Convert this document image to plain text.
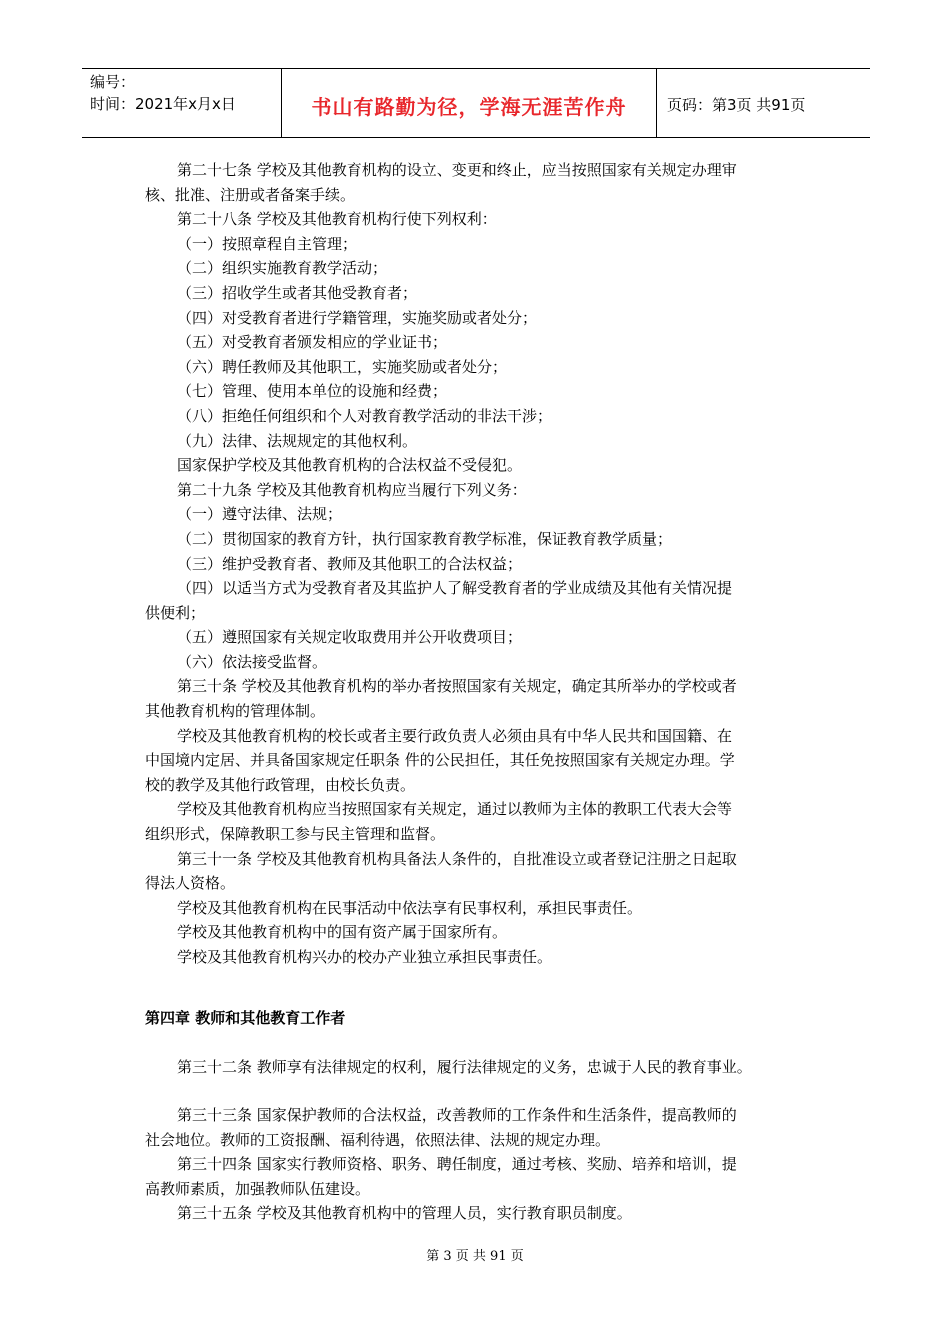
编号：
时间：2021年x月x日	书山有路勤为径，学海无涯苦作舟	页码：第3页 共91页
第二十七条 学校及其他教育机构的设立、变更和终止，应当按照国家有关规定办理审
核、批准、注册或者备案手续。
第二十八条 学校及其他教育机构行使下列权利：
（一）按照章程自主管理；
（二）组织实施教育教学活动；
（三）招收学生或者其他受教育者；
（四）对受教育者进行学籍管理，实施奖励或者处分；
（五）对受教育者颁发相应的学业证书；
（六）聘任教师及其他职工，实施奖励或者处分；
（七）管理、使用本单位的设施和经费；
（八）拒绝任何组织和个人对教育教学活动的非法干涉；
（九）法律、法规规定的其他权利。
国家保护学校及其他教育机构的合法权益不受侵犯。
第二十九条 学校及其他教育机构应当履行下列义务：
（一）遵守法律、法规；
（二）贯彻国家的教育方针，执行国家教育教学标准，保证教育教学质量；
（三）维护受教育者、教师及其他职工的合法权益；
（四）以适当方式为受教育者及其监护人了解受教育者的学业成绩及其他有关情况提
供便利；
（五）遵照国家有关规定收取费用并公开收费项目；
（六）依法接受监督。
第三十条 学校及其他教育机构的举办者按照国家有关规定，确定其所举办的学校或者
其他教育机构的管理体制。
学校及其他教育机构的校长或者主要行政负责人必须由具有中华人民共和国国籍、在
中国境内定居、并具备国家规定任职条 件的公民担任，其任免按照国家有关规定办理。学
校的教学及其他行政管理，由校长负责。
学校及其他教育机构应当按照国家有关规定，通过以教师为主体的教职工代表大会等
组织形式，保障教职工参与民主管理和监督。
第三十一条 学校及其他教育机构具备法人条件的，自批准设立或者登记注册之日起取
得法人资格。
学校及其他教育机构在民事活动中依法享有民事权利，承担民事责任。
学校及其他教育机构中的国有资产属于国家所有。
学校及其他教育机构兴办的校办产业独立承担民事责任。
第四章 教师和其他教育工作者
第三十二条 教师享有法律规定的权利，履行法律规定的义务，忠诚于人民的教育事业。
第三十三条 国家保护教师的合法权益，改善教师的工作条件和生活条件，提高教师的
社会地位。教师的工资报酬、福利待遇，依照法律、法规的规定办理。
第三十四条 国家实行教师资格、职务、聘任制度，通过考核、奖励、培养和培训，提
高教师素质，加强教师队伍建设。
第三十五条 学校及其他教育机构中的管理人员，实行教育职员制度。
第 3 页 共 91 页
